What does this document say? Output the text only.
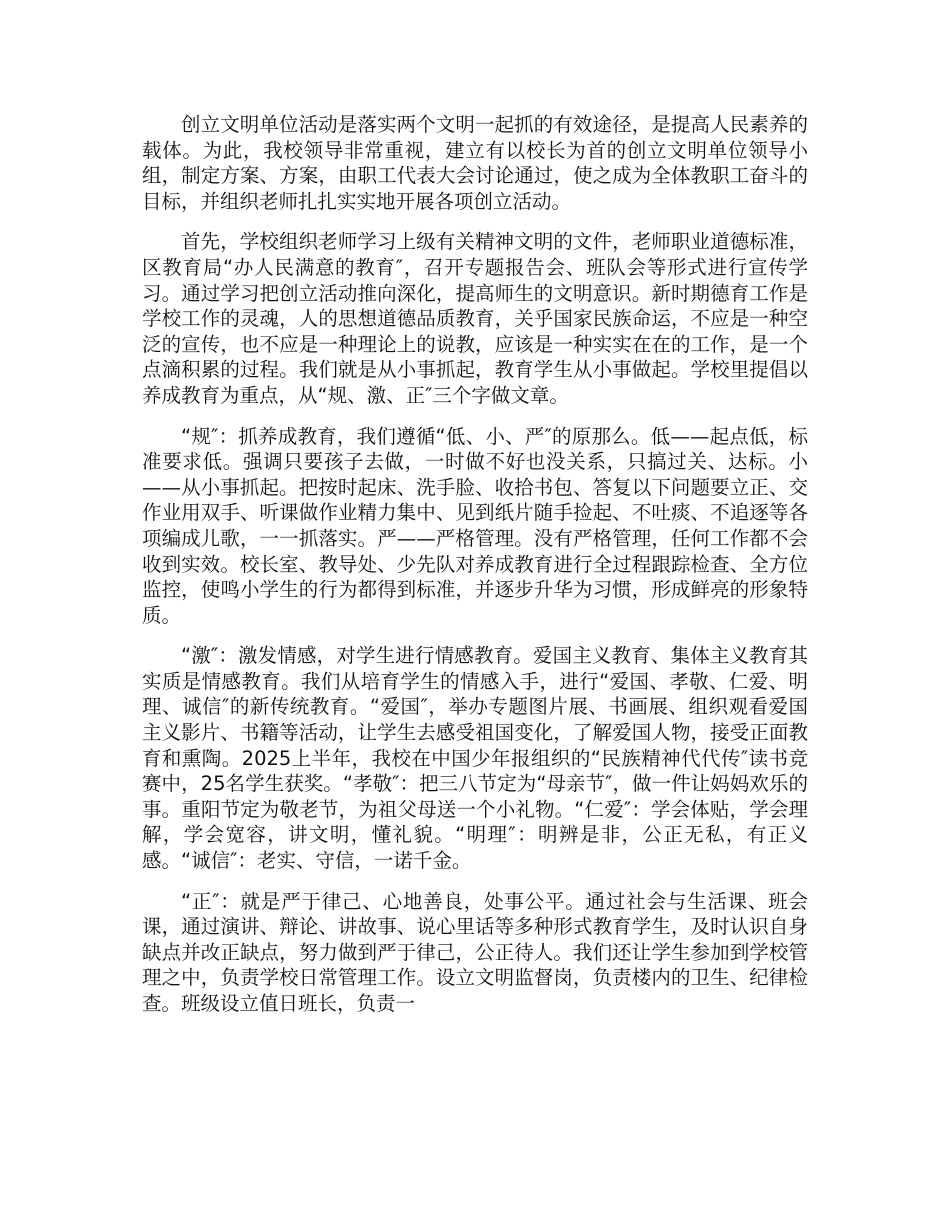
创立文明单位活动是落实两个文明一起抓的有效途径，是提高人民素养的载体。为此，我校领导非常重视，建立有以校长为首的创立文明单位领导小组，制定方案、方案，由职工代表大会讨论通过，使之成为全体教职工奋斗的目标，并组织老师扎扎实实地开展各项创立活动。

首先，学校组织老师学习上级有关精神文明的文件，老师职业道德标准，区教育局“办人民满意的教育″，召开专题报告会、班队会等形式进行宣传学习。通过学习把创立活动推向深化，提高师生的文明意识。新时期德育工作是学校工作的灵魂，人的思想道德品质教育，关乎国家民族命运，不应是一种空泛的宣传，也不应是一种理论上的说教，应该是一种实实在在的工作，是一个点滴积累的过程。我们就是从小事抓起，教育学生从小事做起。学校里提倡以养成教育为重点，从“规、激、正″三个字做文章。

“规″：抓养成教育，我们遵循“低、小、严″的原那么。低——起点低，标准要求低。强调只要孩子去做，一时做不好也没关系，只搞过关、达标。小——从小事抓起。把按时起床、洗手脸、收拾书包、答复以下问题要立正、交作业用双手、听课做作业精力集中、见到纸片随手捡起、不吐痰、不追逐等各项编成儿歌，一一抓落实。严——严格管理。没有严格管理，任何工作都不会收到实效。校长室、教导处、少先队对养成教育进行全过程跟踪检查、全方位监控，使鸣小学生的行为都得到标准，并逐步升华为习惯，形成鲜亮的形象特质。

“激″：激发情感，对学生进行情感教育。爱国主义教育、集体主义教育其实质是情感教育。我们从培育学生的情感入手，进行“爱国、孝敬、仁爱、明理、诚信″的新传统教育。“爱国″，举办专题图片展、书画展、组织观看爱国主义影片、书籍等活动，让学生去感受祖国变化，了解爱国人物，接受正面教育和熏陶。2025上半年，我校在中国少年报组织的“民族精神代代传″读书竞赛中，25名学生获奖。“孝敬″：把三八节定为“母亲节″，做一件让妈妈欢乐的事。重阳节定为敬老节，为祖父母送一个小礼物。“仁爱″：学会体贴，学会理解，学会宽容，讲文明，懂礼貌。“明理″：明辨是非，公正无私，有正义感。“诚信″：老实、守信，一诺千金。

“正″：就是严于律己、心地善良，处事公平。通过社会与生活课、班会课，通过演讲、辩论、讲故事、说心里话等多种形式教育学生，及时认识自身缺点并改正缺点，努力做到严于律己，公正待人。我们还让学生参加到学校管理之中，负责学校日常管理工作。设立文明监督岗，负责楼内的卫生、纪律检查。班级设立值日班长，负责一
